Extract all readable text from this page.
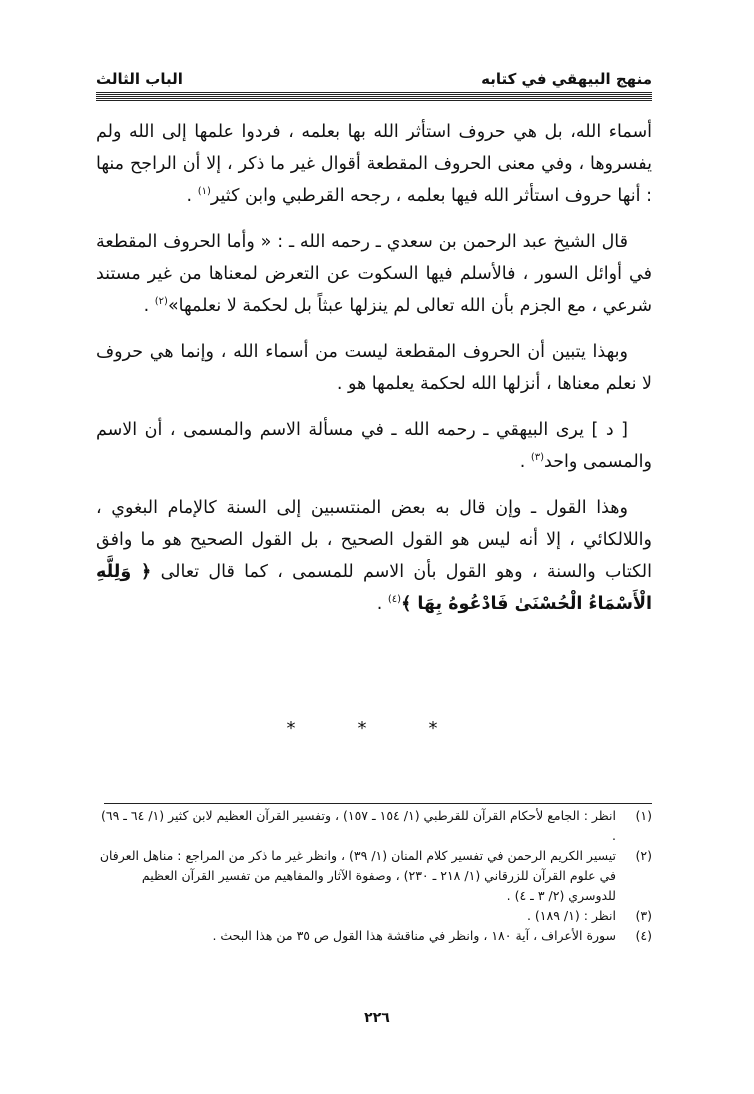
منهج البيهقي في كتابه
الباب الثالث

أسماء الله، بل هي حروف استأثر الله بها بعلمه ، فردوا علمها إلى الله ولم يفسروها ، وفي معنى الحروف المقطعة أقوال غير ما ذكر ، إلا أن الراجح منها : أنها حروف استأثر الله فيها بعلمه ، رجحه القرطبي وابن كثير$^{(١)}$ .

قال الشيخ عبد الرحمن بن سعدي ـ رحمه الله ـ : « وأما الحروف المقطعة في أوائل السور ، فالأسلم فيها السكوت عن التعرض لمعناها من غير مستند شرعي ، مع الجزم بأن الله تعالى لم ينزلها عبثاً بل لحكمة لا نعلمها»$^{(٢)}$ .

وبهذا يتبين أن الحروف المقطعة ليست من أسماء الله ، وإنما هي حروف لا نعلم معناها ، أنزلها الله لحكمة يعلمها هو .

[ د ] يرى البيهقي ـ رحمه الله ـ في مسألة الاسم والمسمى ، أن الاسم والمسمى واحد$^{(٣)}$ .

وهذا القول ـ وإن قال به بعض المنتسبين إلى السنة كالإمام البغوي ، واللالكائي ، إلا أنه ليس هو القول الصحيح ، بل القول الصحيح هو ما وافق الكتاب والسنة ، وهو القول بأن الاسم للمسمى ، كما قال تعالى ﴿ وَلِلَّهِ الْأَسْمَاءُ الْحُسْنَىٰ فَادْعُوهُ بِهَا ﴾$^{(٤)}$ .

* * *

(١)
انظر : الجامع لأحكام القرآن للقرطبي (١/ ١٥٤ ـ ١٥٧) ، وتفسير القرآن العظيم لابن كثير (١/ ٦٤ ـ ٦٩) .

(٢)
تيسير الكريم الرحمن في تفسير كلام المنان (١/ ٣٩) ، وانظر غير ما ذكر من المراجع : مناهل العرفان في علوم القرآن للزرقاني (١/ ٢١٨ ـ ٢٣٠) ، وصفوة الآثار والمفاهيم من تفسير القرآن العظيم للدوسري (٢/ ٣ ـ ٤) .

(٣)
انظر : (١/ ١٨٩) .

(٤)
سورة الأعراف ، آية ١٨٠ ، وانظر في مناقشة هذا القول ص ٣٥ من هذا البحث .

٢٢٦
